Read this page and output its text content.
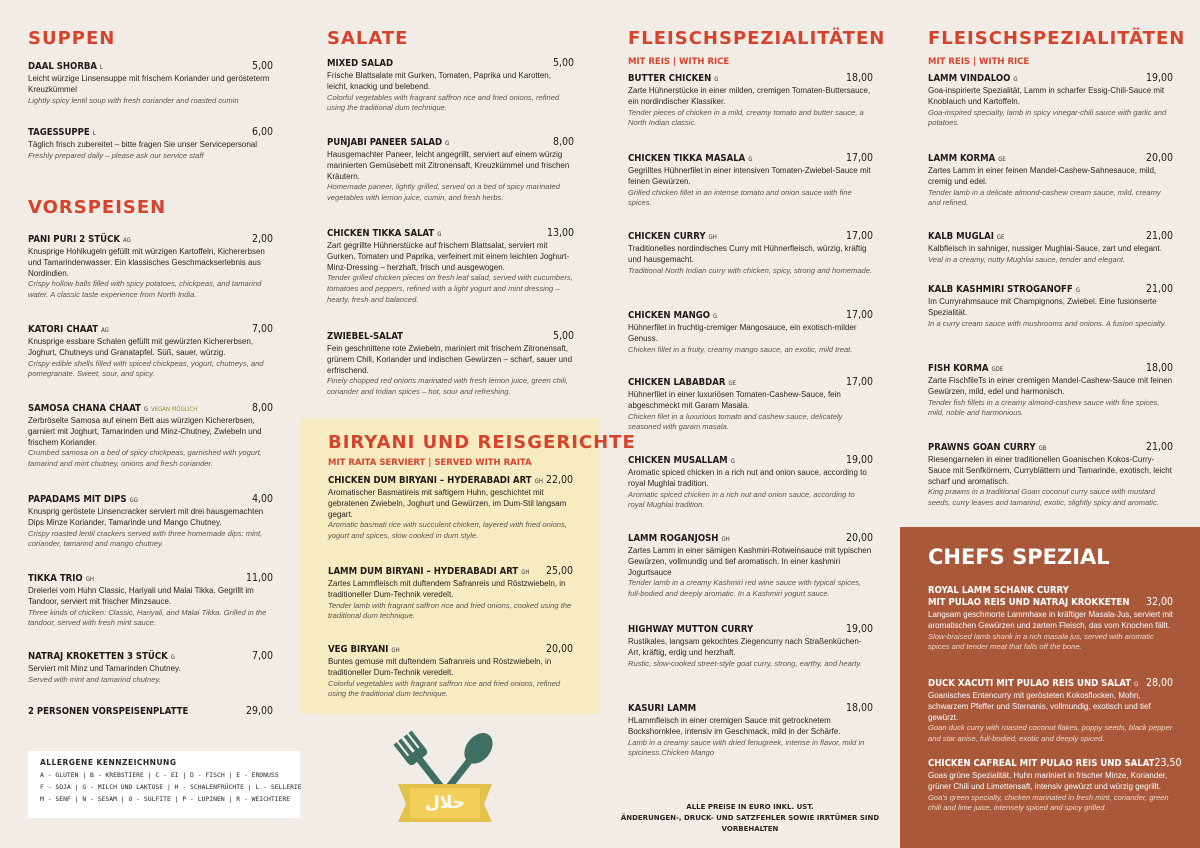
SUPPEN
DAAL SHORBA L	5,00
Leicht würzige Linsensuppe mit frischem Koriander und gerösteterm Kreuzkümmel
Lightly spicy lentil soup with fresh coriander and roasted cumin
TAGESSUPPE L	6,00
Täglich frisch zubereitet – bitte fragen Sie unser Servicepersonal
Freshly prepared daily – please ask our service staff
VORSPEISEN
PANI PURI 2 STÜCK AG	2,00
Knusprige Hohlkugeln gefüllt mit würzigen Kartoffeln, Kichererbsen und Tamarindenwasser. Ein klassisches Geschmackserlebnis aus Nordindien.
Crispy hollow balls filled with spicy potatoes, chickpeas, and tamarind water. A classic taste experience from North India.
KATORI CHAAT AG	7,00
Knusprige essbare Schalen gefüllt mit gewürzten Kichererbsen, Joghurt, Chutneys und Granatapfel. Süß, sauer, würzig.
Crispy edible shells filled with spiced chickpeas, yogurt, chutneys, and pomegranate. Sweet, sour, and spicy.
SAMOSA CHANA CHAAT G VEGAN MÖGLICH	8,00
Zerbröselte Samosa auf einem Bett aus würzigen Kichererbsen, garniert mit Joghurt, Tamarinden und Minz-Chutney, Zwiebeln und frischem Koriander.
Crumbed samosa on a bed of spicy chickpeas, garnished with yogurt, tamarind and mint chutney, onions and fresh coriander.
PAPADAMS MIT DIPS GG	4,00
Knusprig geröstete Linsencracker serviert mit drei hausgemachten Dips Minze Koriander, Tamarinde und Mango Chutney.
Crispy roasted lentil crackers served with three homemade dips: mint, coriander, tamarind and mango chutney.
TIKKA TRIO GH	11,00
Dreierlei vom Huhn Classic, Hariyali und Malai Tikka. Gegrillt im Tandoor, serviert mit frischer Minzsauce.
Three kinds of chicken: Classic, Hariyali, and Malai Tikka. Grilled in the tandoor, served with fresh mint sauce.
NATRAJ KROKETTEN 3 STÜCK G	7,00
Serviert mit Minz und Tamarinden Chutney.
Served with mint and tamarind chutney.
2 PERSONEN VORSPEISENPLATTE	29,00
ALLERGENE KENNZEICHNUNG
A - GLUTEN | B - KREBSTIERE | C - EI | D - FISCH | E - ERDNUSS
F - SOJA | G - MILCH UND LAKTOSE | H - SCHALENFRÜCHTE | L - SELLERIE
M - SENF | N - SESAM | O - SULFITE | P - LUPINEN | R - WEICHTIERE
SALATE
MIXED SALAD	5,00
Frische Blattsalate mit Gurken, Tomaten, Paprika und Karotten, leicht, knackig und belebend.
Colorful vegetables with fragrant saffron rice and fried onions, refined using the traditional dum technique.
PUNJABI PANEER SALAD G	8,00
Hausgemachter Paneer, leicht angegrillt, serviert auf einem würzig marinierten Gemüsebett mit Zitronensaft, Kreuzkümmel und frischen Kräutern.
Homemade paneer, lightly grilled, served on a bed of spicy marinated vegetables with lemon juice, cumin, and fresh herbs.
CHICKEN TIKKA SALAT G	13,00
Zart gegrillte Hühnerstücke auf frischem Blattsalat, serviert mit Gurken, Tomaten und Paprika, verfeinert mit einem leichten Joghurt-Minz-Dressing – herzhaft, frisch und ausgewogen.
Tender grilled chicken pieces on fresh leaf salad, served with cucumbers, tomatoes and peppers, refined with a light yogurt and mint dressing – hearty, fresh and balanced.
ZWIEBEL-SALAT	5,00
Fein geschnittene rote Zwiebeln, mariniert mit frischem Zitronensaft, grünem Chili, Koriander und indischen Gewürzen – scharf, sauer und erfrischend.
Finely chopped red onions marinated with fresh lemon juice, green chili, coriander and Indian spices – hot, sour and refreshing.
BIRYANI UND REISGERICHTE
MIT RAITA SERVIERT | SERVED WITH RAITA
CHICKEN DUM BIRYANI – HYDERABADI ART GH 22,00
Aromatischer Basmatireis mit saftigem Huhn, geschichtet mit gebratenen Zwiebeln, Joghurt und Gewürzen, im Dum-Stil langsam gegart.
Aromatic basmati rice with succulent chicken, layered with fried onions, yogurt and spices, slow cooked in dum style.
LAMM DUM BIRYANI – HYDERABADI ART GH 25,00
Zartes Lammfleisch mit duftendem Safranreis und Röstzwiebeln, in traditioneller Dum-Technik veredelt.
Tender lamb with fragrant saffron rice and fried onions, cooked using the traditional dum technique.
VEG BIRYANI GH	20,00
Buntes gemuse mit duftendem Safranreis und Röstzwiebeln, in traditioneller Dum-Technik veredelt.
Colorful vegetables with fragrant saffron rice and fried onions, refined using the traditional dum technique.
حلال
FLEISCHSPEZIALITÄTEN
MIT REIS | WITH RICE
BUTTER CHICKEN G	18,00
Zarte Hühnerstücke in einer milden, cremigen Tomaten-Buttersauce, ein nordindischer Klassiker.
Tender pieces of chicken in a mild, creamy tomato and butter sauce, a North Indian classic.
CHICKEN TIKKA MASALA G	17,00
Gegrilltes Hühnerfilet in einer intensiven Tomaten-Zwiebel-Sauce mit feinen Gewürzen.
Grilled chicken fillet in an intense tomato and onion sauce with fine spices.
CHICKEN CURRY GH	17,00
Traditionelles nordindisches Curry mit Hühnerfleisch, würzig, kräftig und hausgemacht.
Traditional North Indian curry with chicken, spicy, strong and homemade.
CHICKEN MANGO G	17,00
Hühnerfilet in fruchtig-cremiger Mangosauce, ein exotisch-milder Genuss.
Chicken fillet in a fruity, creamy mango sauce, an exotic, mild treat.
CHICKEN LABABDAR GE	17,00
Hühnerfilet in einer luxuriösen Tomaten-Cashew-Sauce, fein abgeschmeckt mit Garam Masala.
Chicken filet in a luxurious tomato and cashew sauce, delicately seasoned with garam masala.
CHICKEN MUSALLAM G	19,00
Aromatic spiced chicken in a rich nut and onion sauce, according to royal Mughlai tradition.
Aromatic spiced chicken in a rich nut and onion sauce, according to royal Mughlai tradition.
LAMM ROGANJOSH GH	20,00
Zartes Lamm in einer sämigen Kashmiri-Rotweinsauce mit typischen Gewürzen, vollmundig und tief aromatisch. In einer kashmiri Jogurtsauce
Tender lamb in a creamy Kashmiri red wine sauce with typical spices, full-bodied and deeply aromatic. In a Kashmiri yogurt sauce.
HIGHWAY MUTTON CURRY	19,00
Rustikales, langsam gekochtes Ziegencurry nach Straßenküchen-Art, kräftig, erdig und herzhaft.
Rustic, slow-cooked street-style goat curry, strong, earthy, and hearty.
KASURI LAMM	18,00
HLammfleisch in einer cremigen Sauce mit getrocknetem Bockshornklee, intensiv im Geschmack, mild in der Schärfe.
Lamb in a creamy sauce with dried fenugreek, intense in flavor, mild in spiciness.Chicken Mango
ALLE PREISE IN EURO INKL. UST.
ÄNDERUNGEN-, DRUCK- UND SATZFEHLER SOWIE IRRTÜMER SIND VORBEHALTEN
FLEISCHSPEZIALITÄTEN
MIT REIS | WITH RICE
LAMM VINDALOO G	19,00
Goa-inspirierte Spezialität, Lamm in scharfer Essig-Chili-Sauce mit Knoblauch und Kartoffeln.
Goa-inspired specialty, lamb in spicy vinegar-chili sauce with garlic and potatoes.
LAMM KORMA GE	20,00
Zartes Lamm in einer feinen Mandel-Cashew-Sahnesauce, mild, cremig und edel.
Tender lamb in a delicate almond-cashew cream sauce, mild, creamy and refined.
KALB MUGLAI GE	21,00
Kalbfleisch in sahniger, nussiger Mughlai-Sauce, zart und elegant.
Veal in a creamy, nutty Mughlai sauce, tender and elegant.
KALB KASHMIRI STROGANOFF G	21,00
Im Curryrahmsauce mit Champignons, Zwiebel. Eine fusionserte Spezialität.
In a curry cream sauce with mushrooms and onions. A fusion specialty.
FISH KORMA GDE	18,00
Zarte FischfileTs in einer cremigen Mandel-Cashew-Sauce mit feinen Gewürzen, mild, edel und harmonisch.
Tender fish fillets in a creamy almond-cashew sauce with fine spices, mild, noble and harmonious.
PRAWNS GOAN CURRY GB	21,00
Riesengarnelen in einer traditionellen Goanischen Kokos-Curry-Sauce mit Senfkörnern, Curryblättern und Tamarinde, exotisch, leicht scharf und aromatisch.
King prawns in a traditional Goan coconut curry sauce with mustard seeds, curry leaves and tamarind, exotic, slightly spicy and aromatic.
CHEFS SPEZIAL
ROYAL LAMM SCHANK CURRY
MIT PULAO REIS UND NATRAJ KROKKETEN 32,00
Langsam geschmorte Lammhaxe in kräftiger Masala-Jus, serviert mit aromatischen Gewürzen und zartem Fleisch, das vom Knochen fällt.
Slow-braised lamb shank in a rich masala jus, served with aromatic spices and tender meat that falls off the bone.
DUCK XACUTI MIT PULAO REIS UND SALAT G 28,00
Goanisches Entencurry mit gerösteten Kokosflocken, Mohn, schwarzem Pfeffer und Sternanis, vollmundig, exotisch und tief gewürzt.
Goan duck curry with roasted coconut flakes, poppy seeds, black pepper and star anise, full-bodied, exotic and deeply spiced.
CHICKEN CAFREAL MIT PULAO REIS UND SALAT 23,50
Goas grüne Spezialität, Huhn mariniert in frischer Minze, Koriander, grüner Chili und Limettensaft, intensiv gewürzt und würzig gegrillt.
Goa's green specialty, chicken marinated in fresh mint, coriander, green chili and lime juice, intensely spiced and spicy grilled.
